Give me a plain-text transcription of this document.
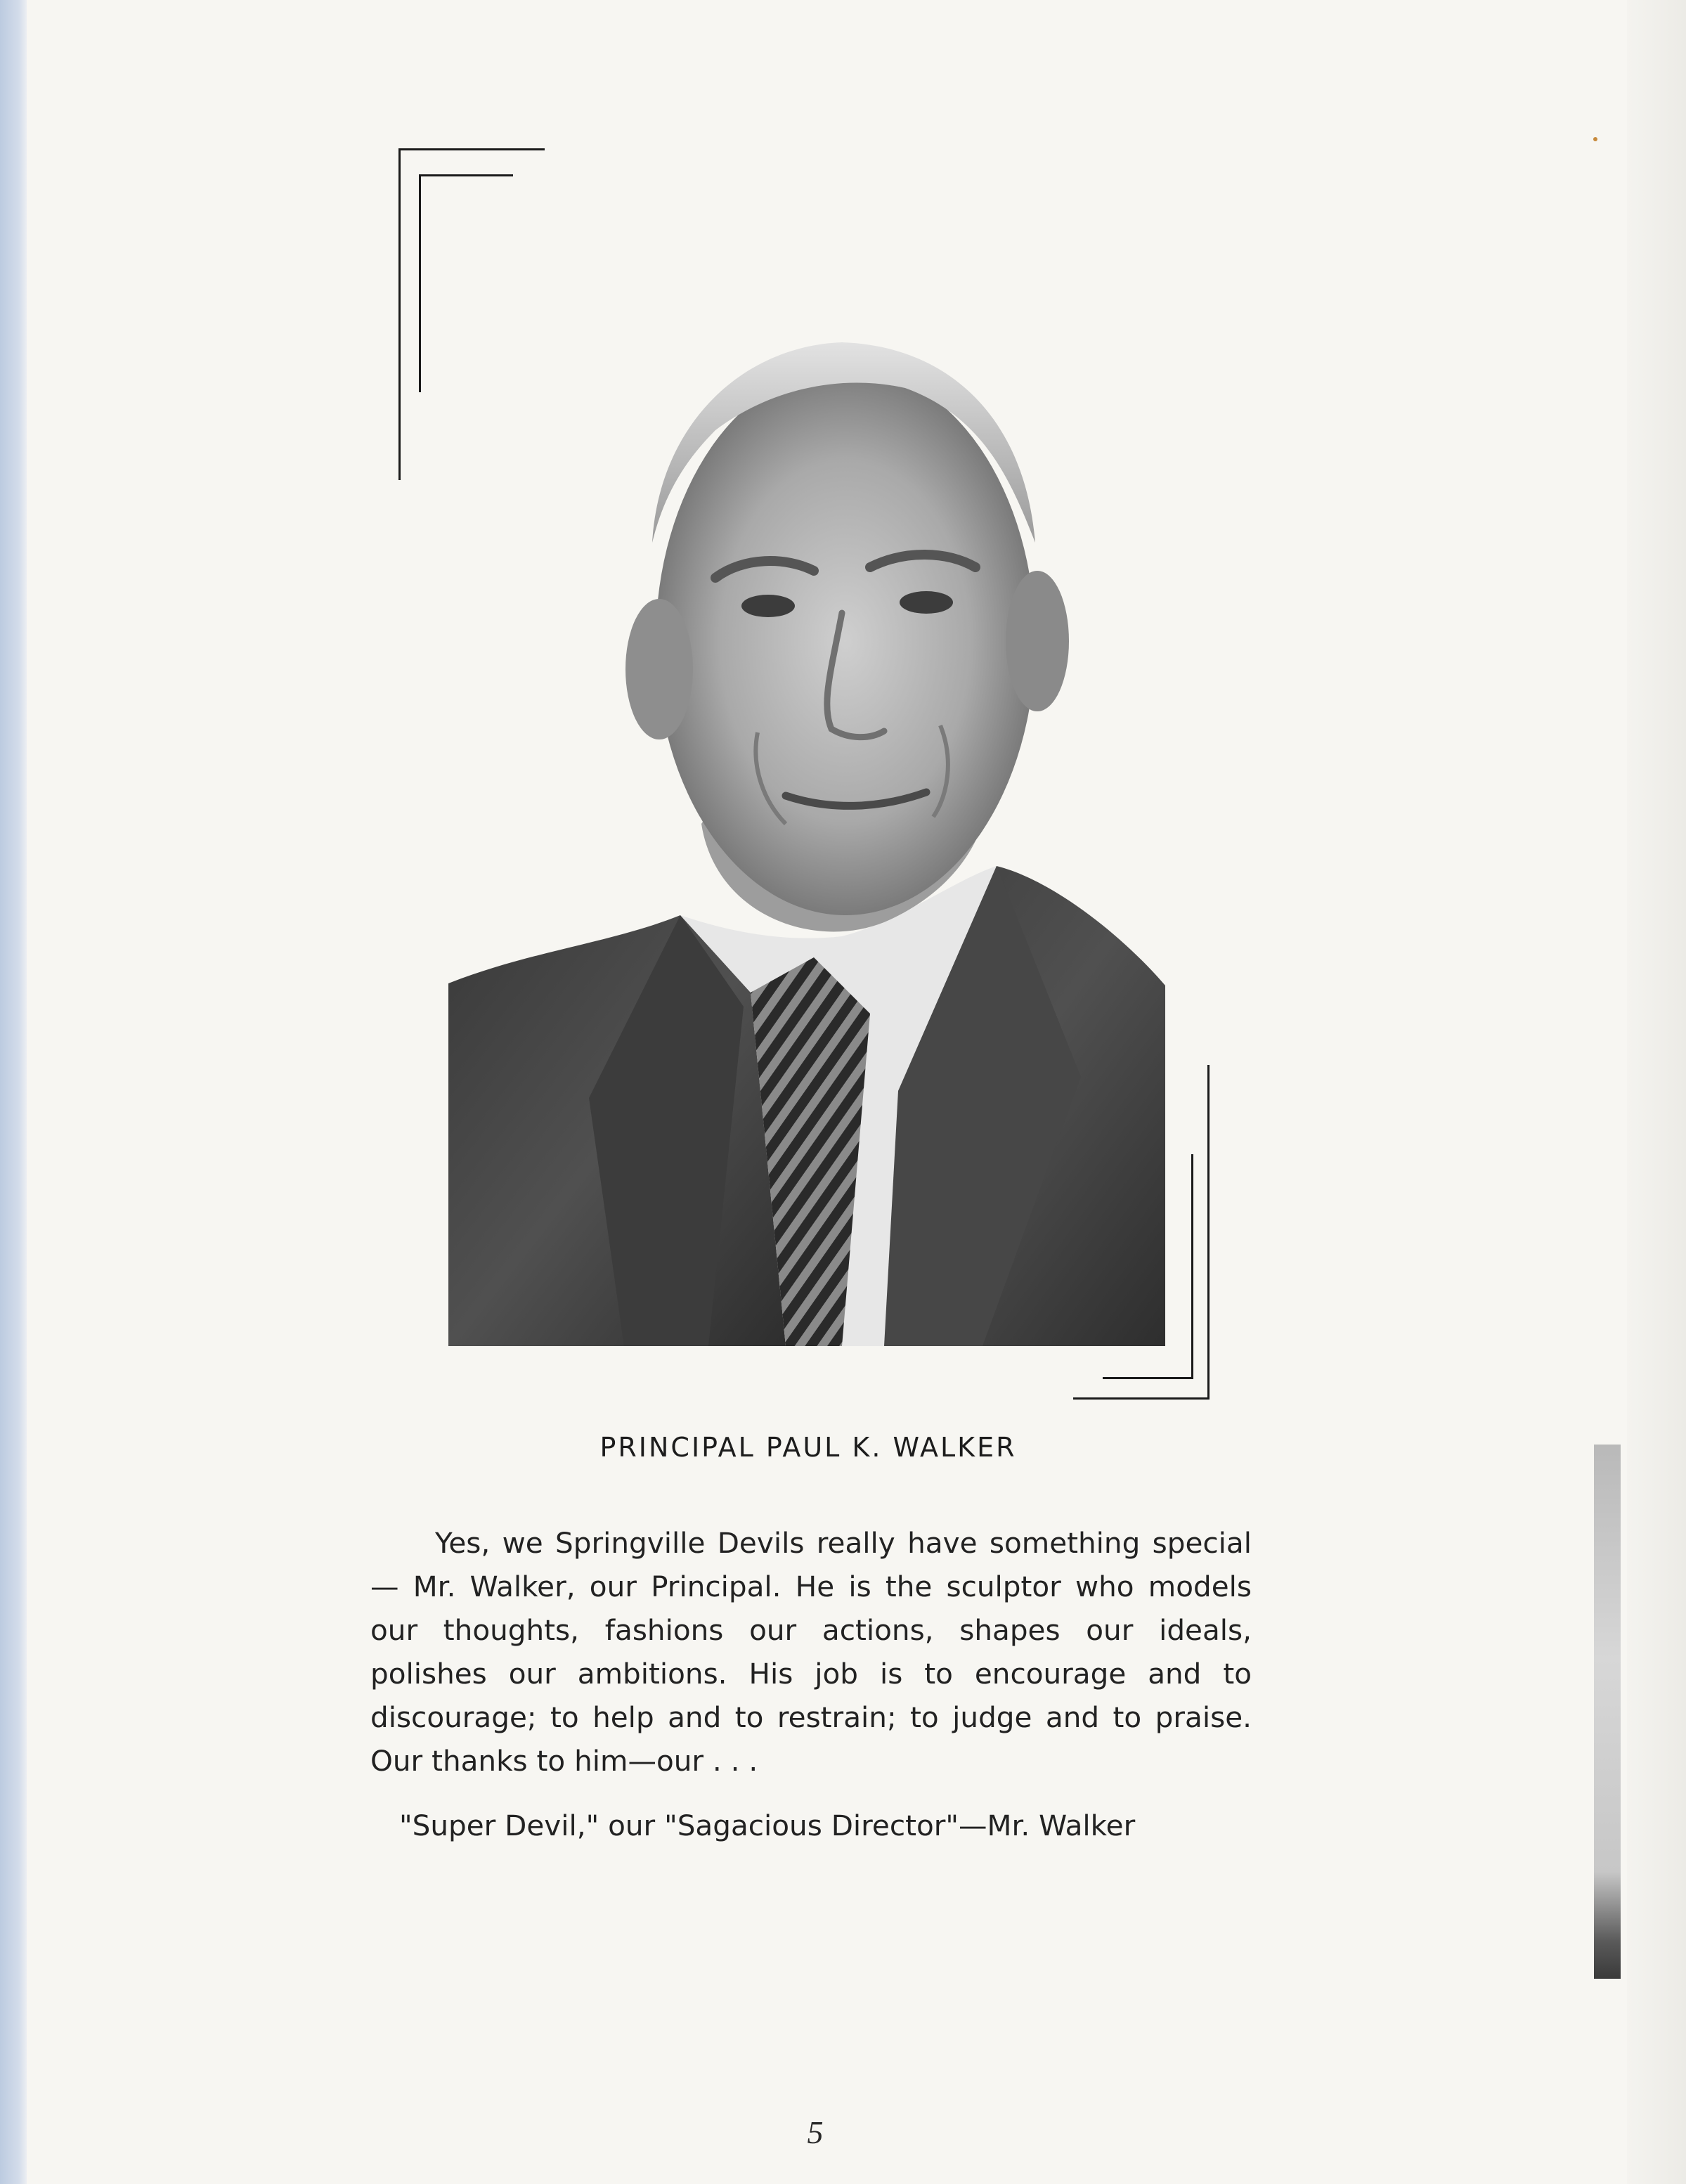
PRINCIPAL PAUL K. WALKER
Yes, we Springville Devils really have something special— Mr. Walker, our Principal. He is the sculptor who models our thoughts, fashions our actions, shapes our ideals, polishes our ambitions. His job is to encourage and to discourage; to help and to restrain; to judge and to praise. Our thanks to him—our . . .
"Super Devil," our "Sagacious Director"—Mr. Walker
5
